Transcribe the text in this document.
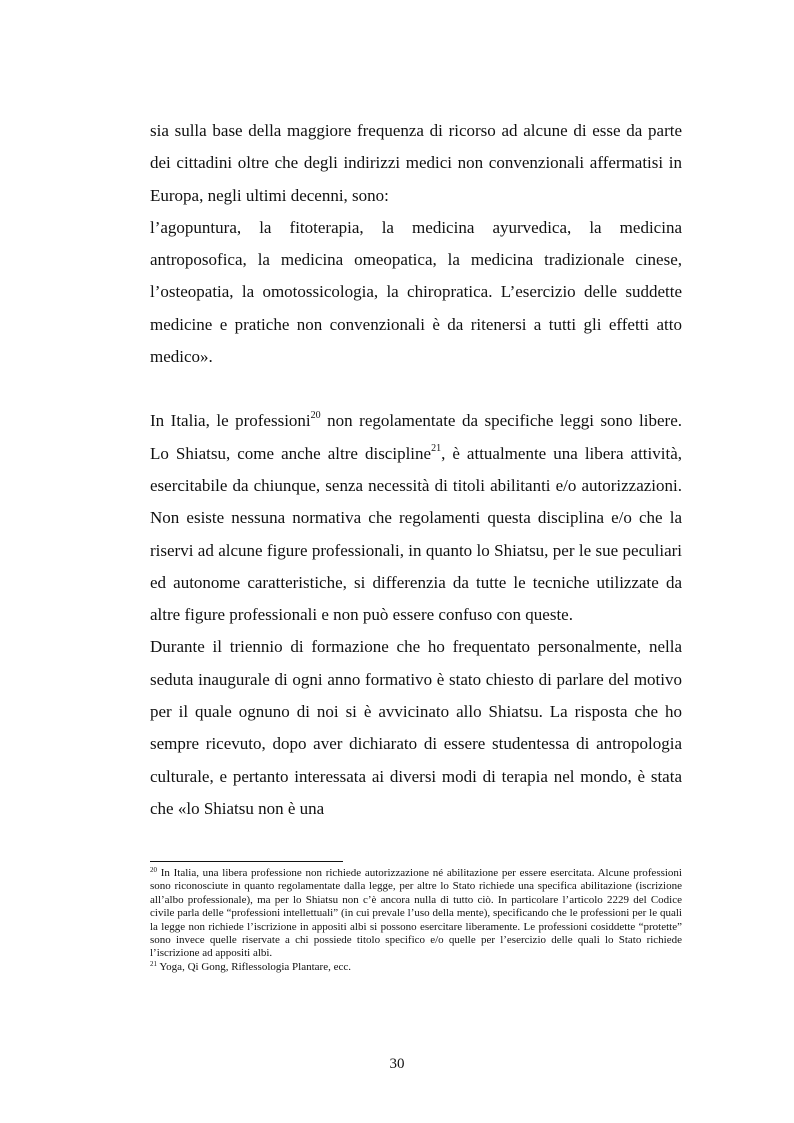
sia sulla base della maggiore frequenza di ricorso ad alcune di esse da parte dei cittadini oltre che degli indirizzi medici non convenzionali affermatisi in Europa, negli ultimi decenni, sono:

l’agopuntura, la fitoterapia, la medicina ayurvedica, la medicina antroposofica, la medicina omeopatica, la medicina tradizionale cinese, l’osteopatia, la omotossicologia, la chiropratica. L’esercizio delle suddette medicine e pratiche non convenzionali è da ritenersi a tutti gli effetti atto medico».

In Italia, le professioni$^{20}$ non regolamentate da specifiche leggi sono libere. Lo Shiatsu, come anche altre discipline$^{21}$, è attualmente una libera attività, esercitabile da chiunque, senza necessità di titoli abilitanti e/o autorizzazioni. Non esiste nessuna normativa che regolamenti questa disciplina e/o che la riservi ad alcune figure professionali, in quanto lo Shiatsu, per le sue peculiari ed autonome caratteristiche, si differenzia da tutte le tecniche utilizzate da altre figure professionali e non può essere confuso con queste.

Durante il triennio di formazione che ho frequentato personalmente, nella seduta inaugurale di ogni anno formativo è stato chiesto di parlare del motivo per il quale ognuno di noi si è avvicinato allo Shiatsu. La risposta che ho sempre ricevuto, dopo aver dichiarato di essere studentessa di antropologia culturale, e pertanto interessata ai diversi modi di terapia nel mondo, è stata che «lo Shiatsu non è una

$^{20}$ In Italia, una libera professione non richiede autorizzazione né abilitazione per essere esercitata. Alcune professioni sono riconosciute in quanto regolamentate dalla legge, per altre lo Stato richiede una specifica abilitazione (iscrizione all’albo professionale), ma per lo Shiatsu non c’è ancora nulla di tutto ciò. In particolare l’articolo 2229 del Codice civile parla delle “professioni intellettuali” (in cui prevale l’uso della mente), specificando che le professioni per le quali la legge non richiede l’iscrizione in appositi albi si possono esercitare liberamente. Le professioni cosiddette “protette” sono invece quelle riservate a chi possiede titolo specifico e/o quelle per l’esercizio delle quali lo Stato richiede l’iscrizione ad appositi albi.

$^{21}$ Yoga, Qi Gong, Riflessologia Plantare, ecc.

30
